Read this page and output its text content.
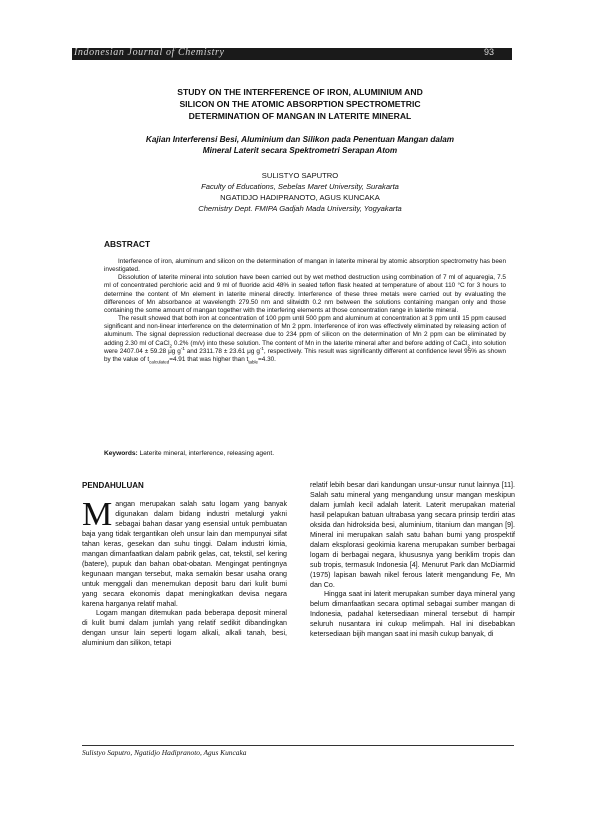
Indonesian Journal of Chemistry	93
STUDY ON THE INTERFERENCE OF IRON, ALUMINIUM AND
SILICON ON THE ATOMIC ABSORPTION SPECTROMETRIC
DETERMINATION OF MANGAN IN LATERITE MINERAL
Kajian Interferensi Besi, Aluminium dan Silikon pada Penentuan Mangan dalam
Mineral Laterit secara Spektrometri Serapan Atom
SULISTYO SAPUTRO
Faculty of Educations, Sebelas Maret University, Surakarta
NGATIDJO HADIPRANOTO, AGUS KUNCAKA
Chemistry Dept. FMIPA Gadjah Mada University, Yogyakarta
ABSTRACT

Interference of iron, aluminum and silicon on the determination of mangan in laterite mineral by atomic absorption spectrometry has been investigated.

Dissolution of laterite mineral into solution have been carried out by wet method destruction using combination of 7 ml of aquaregia, 7.5 ml of concentrated perchloric acid and 9 ml of fluoride acid 48% in sealed teflon flask heated at temperature of about 110 °C for 3 hours to determine the content of Mn element in laterite mineral directly. Interference of these three metals were carried out by evaluating the differences of Mn absorbance at wavelength 279.50 nm and slitwidth 0.2 nm between the solutions containing mangan only and those containing the some amount of mangan together with the interfering elements at those concentration range in laterite mineral.

The result showed that both iron at concentration of 100 ppm until 500 ppm and aluminum at concentration at 3 ppm until 15 ppm caused significant and non-linear interference on the determination of Mn 2 ppm. Interference of iron was effectively eliminated by releasing action of aluminum. The signal depression reductional decrease due to 234 ppm of silicon on the determination of Mn 2 ppm can be eliminated by adding 2.30 ml of CaCl$_2$ 0.2% (m/v) into these solution. The content of Mn in the laterite mineral after and before adding of CaCl$_2$ into solution were 2407.04 ± 59.28 μg $g^{-1}$ and 2311.78 ± 23.61 μg $g^{-1}$, respectively. This result was significantly different at confidence level 95% as shown by the value of $t_{calculated}=4.91$ that was higher than $t_{table}=4.30$.

Keywords: Laterite mineral, interference, releasing agent.
PENDAHULUAN

Mangan merupakan salah satu logam yang banyak digunakan dalam bidang industri metalurgi yakni sebagai bahan dasar yang esensial untuk pembuatan baja yang tidak tergantikan oleh unsur lain dan mempunyai sifat tahan keras, gesekan dan suhu tinggi. Dalam industri kimia, mangan dimanfaatkan dalam pabrik gelas, cat, tekstil, sel kering (batere), pupuk dan bahan obat-obatan. Mengingat pentingnya kegunaan mangan tersebut, maka semakin besar usaha orang untuk menggali dan menemukan deposit baru dari kulit bumi yang secara ekonomis dapat meningkatkan devisa negara karena harganya relatif mahal.

Logam mangan ditemukan pada beberapa deposit mineral di kulit bumi dalam jumlah yang relatif sedikit dibandingkan dengan unsur lain seperti logam alkali, alkali tanah, besi, aluminium dan silikon, tetapi

relatif lebih besar dari kandungan unsur-unsur runut lainnya [11]. Salah satu mineral yang mengandung unsur mangan meskipun dalam jumlah kecil adalah laterit. Laterit merupakan material hasil pelapukan batuan ultrabasa yang secara prinsip terdiri atas oksida dan hidroksida besi, aluminium, titanium dan mangan [9]. Mineral ini merupakan salah satu bahan bumi yang prospektif dalam eksplorasi geokimia karena merupakan sumber berbagai logam di berbagai negara, khususnya yang beriklim tropis dan sub tropis, termasuk Indonesia [4]. Menurut Park dan McDiarmid (1975) lapisan bawah nikel ferous laterit mengandung Fe, Mn dan Co.

Hingga saat ini laterit merupakan sumber daya mineral yang belum dimanfaatkan secara optimal sebagai sumber mangan di Indonesia, padahal ketersediaan mineral tersebut di hampir seluruh nusantara ini cukup melimpah. Hal ini disebabkan ketersediaan bijih mangan saat ini masih cukup banyak, di

Sulistyo Saputro, Ngatidjo Hadipranoto, Agus Kuncaka
